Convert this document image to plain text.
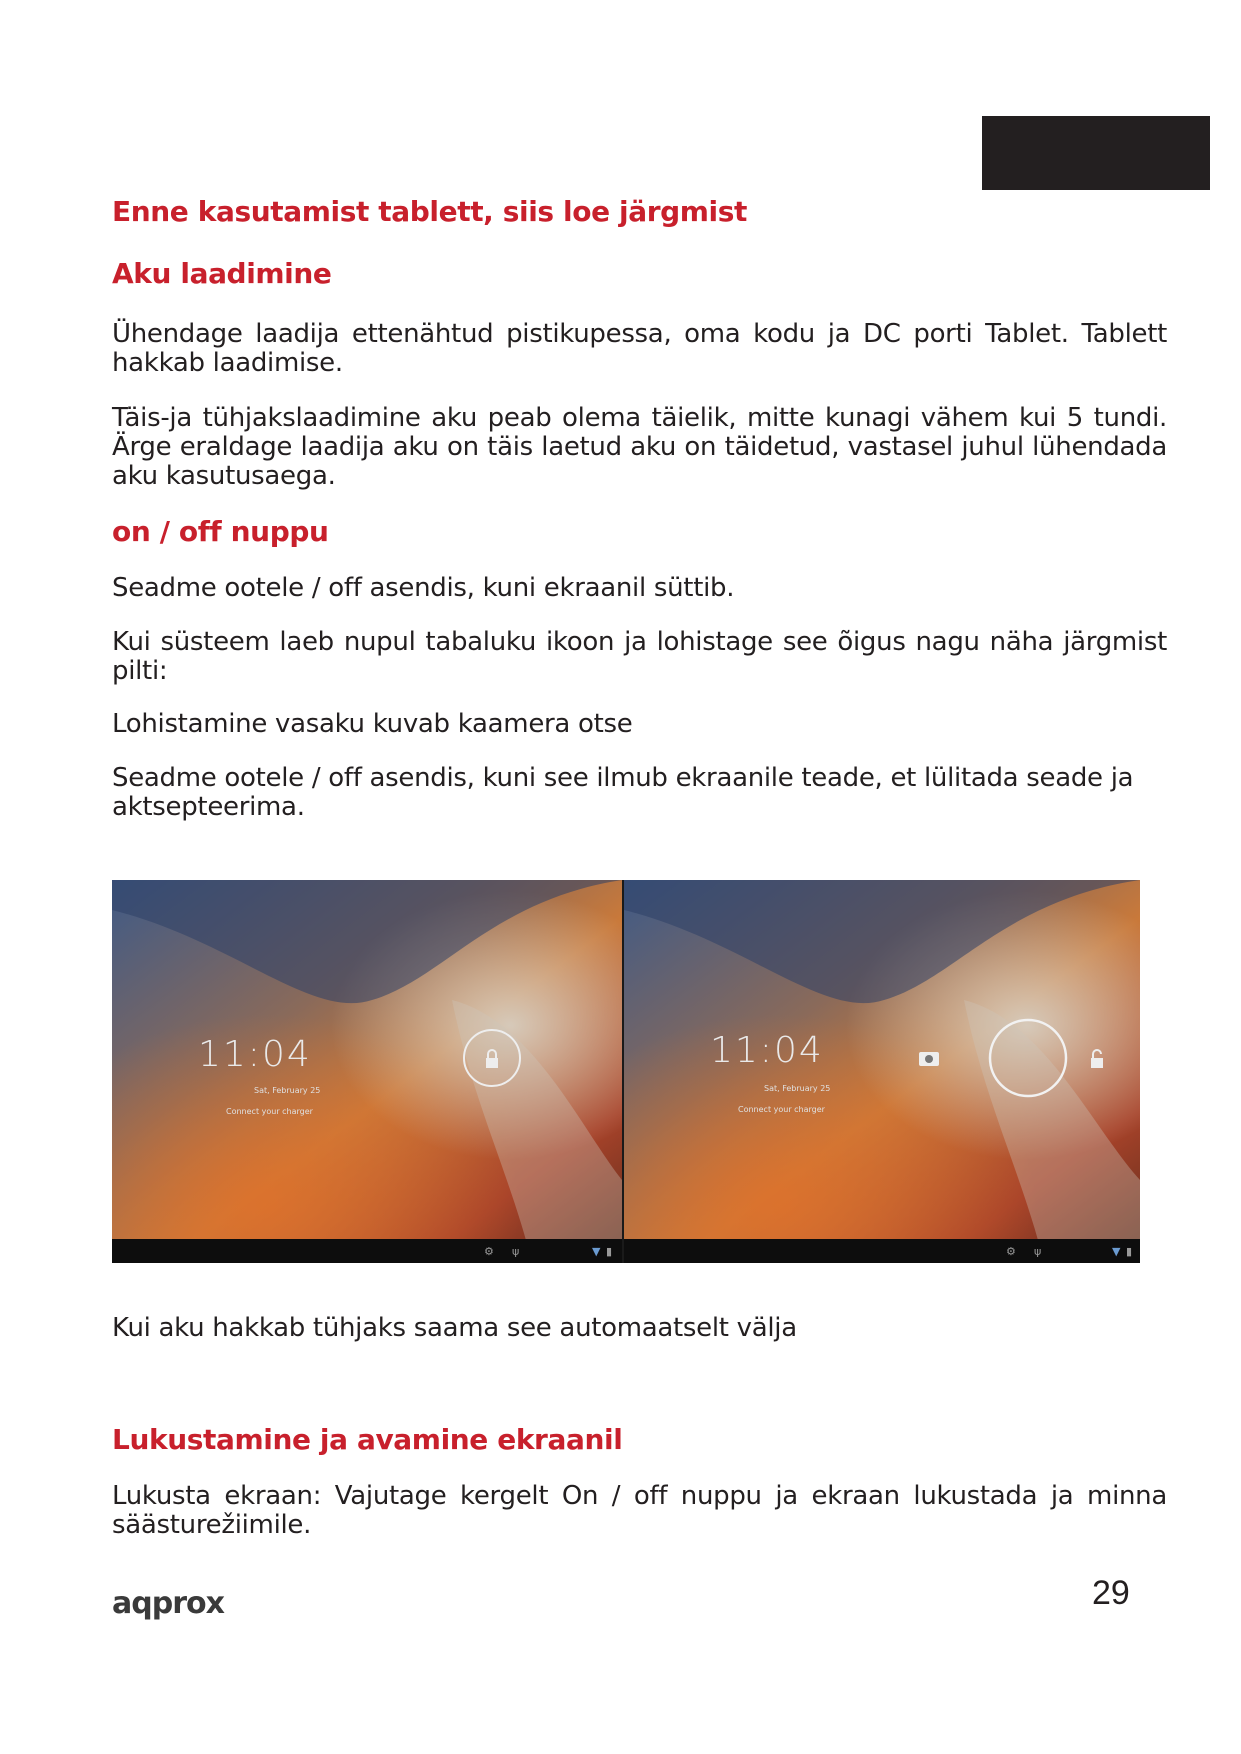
Enne kasutamist tablett, siis loe järgmist
Aku laadimine

Ühendage laadija ettenähtud pistikupessa, oma kodu ja DC porti Tablet. Tablett hakkab laadimise.

Täis-ja tühjakslaadimine aku peab olema täielik, mitte kunagi vähem kui 5 tundi. Ärge eraldage laadija aku on täis laetud aku on täidetud, vastasel juhul lühendada aku kasutusaega.

on / off nuppu

Seadme ootele / off asendis, kuni ekraanil süttib.

Kui süsteem laeb nupul tabaluku ikoon ja lohistage see õigus nagu näha järgmist pilti:

Lohistamine vasaku kuvab kaamera otse

Seadme ootele / off asendis, kuni see ilmub ekraanile teade, et lülitada seade ja aktsepteerima.

11:04
Sat, February 25
Connect your charger
⚙ ψ	▼ ▮
11:04
Sat, February 25
Connect your charger
⚙ ψ	▼ ▮

Kui aku hakkab tühjaks saama see automaatselt välja

Lukustamine ja avamine ekraanil

Lukusta ekraan: Vajutage kergelt On / off nuppu ja ekraan lukustada ja minna säästurežiimile.

aqprox	29
